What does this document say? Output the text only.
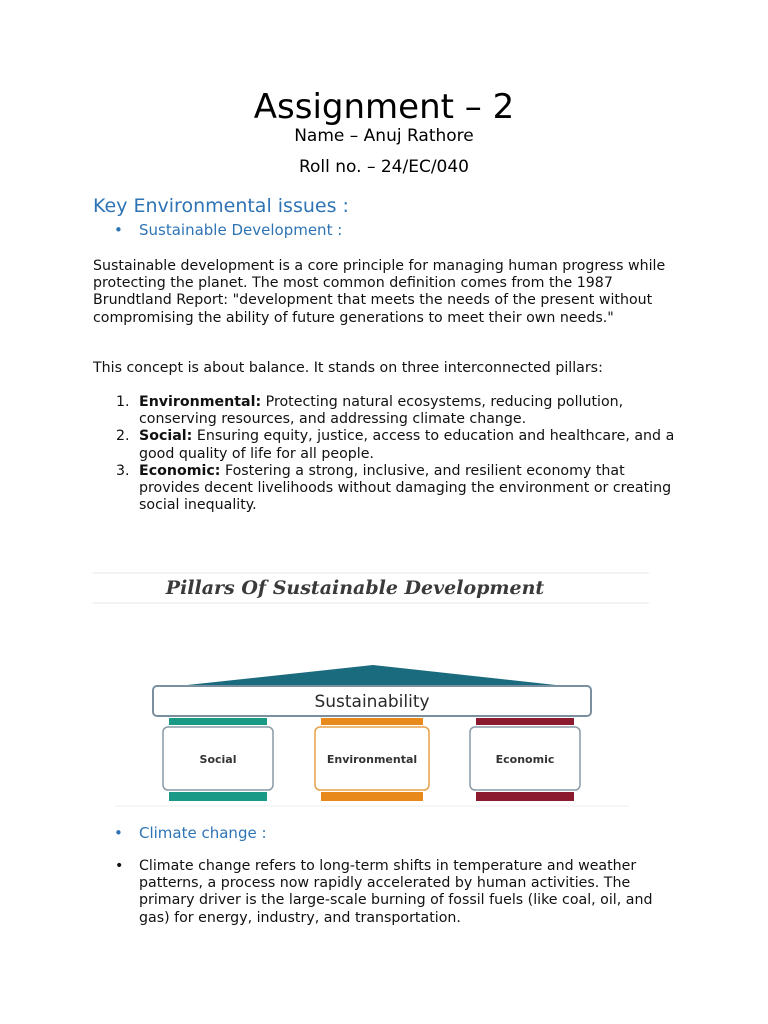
Assignment – 2
Name – Anuj Rathore
Roll no. – 24/EC/040
Key Environmental issues :
•	Sustainable Development :
Sustainable development is a core principle for managing human progress while protecting the planet. The most common definition comes from the 1987 Brundtland Report: "development that meets the needs of the present without compromising the ability of future generations to meet their own needs."
This concept is about balance. It stands on three interconnected pillars:
1. Environmental: Protecting natural ecosystems, reducing pollution, conserving resources, and addressing climate change.
2. Social: Ensuring equity, justice, access to education and healthcare, and a good quality of life for all people.
3. Economic: Fostering a strong, inclusive, and resilient economy that provides decent livelihoods without damaging the environment or creating social inequality.
Pillars Of Sustainable Development
Sustainability
Social	Environmental	Economic
•	Climate change :
• Climate change refers to long-term shifts in temperature and weather patterns, a process now rapidly accelerated by human activities. The primary driver is the large-scale burning of fossil fuels (like coal, oil, and gas) for energy, industry, and transportation.
